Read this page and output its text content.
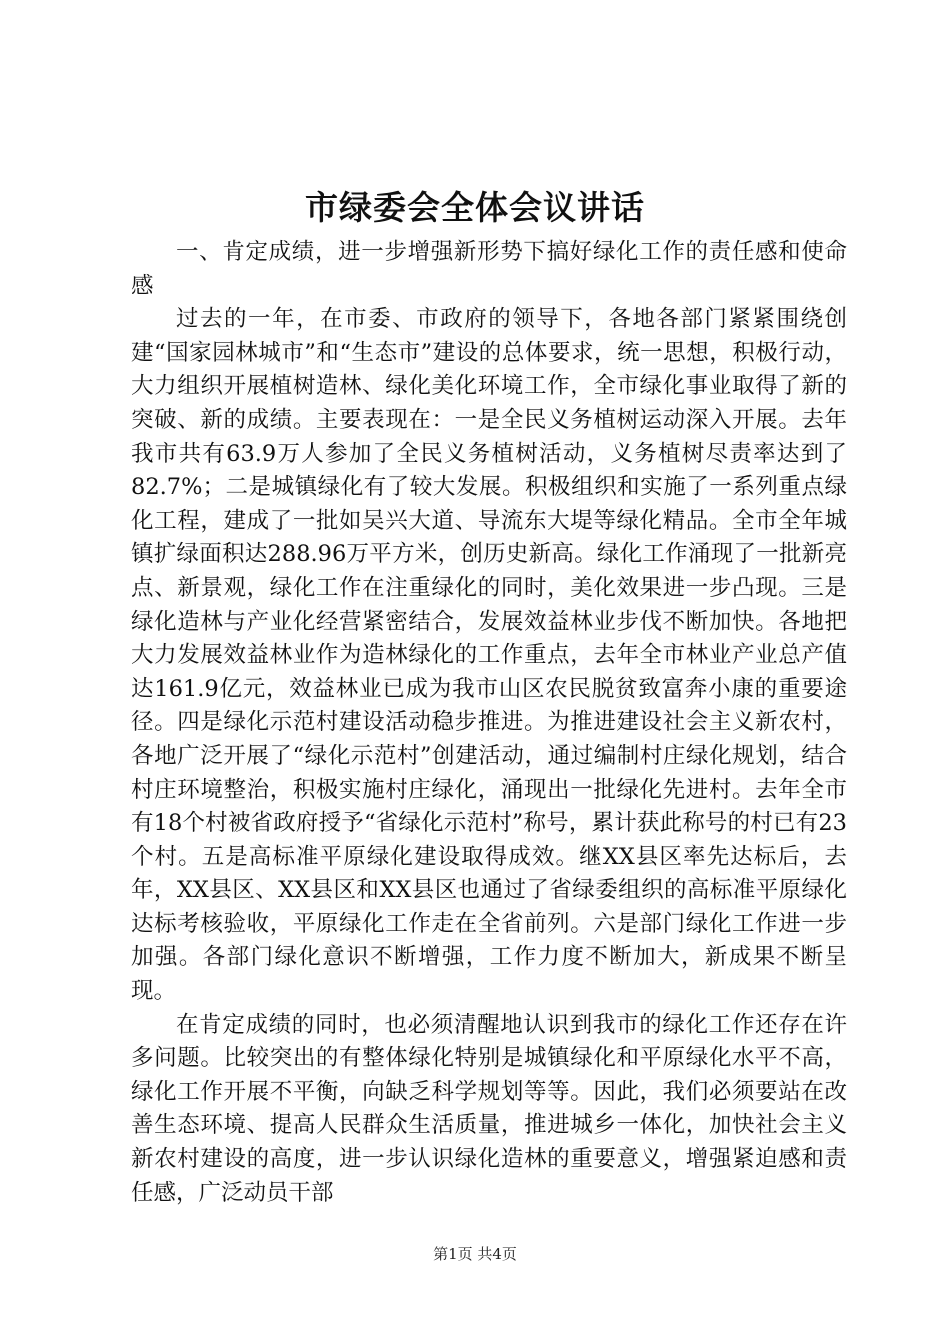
市绿委会全体会议讲话

一、肯定成绩，进一步增强新形势下搞好绿化工作的责任感和使命感

过去的一年，在市委、市政府的领导下，各地各部门紧紧围绕创建“国家园林城市”和“生态市”建设的总体要求，统一思想，积极行动，大力组织开展植树造林、绿化美化环境工作，全市绿化事业取得了新的突破、新的成绩。主要表现在：一是全民义务植树运动深入开展。去年我市共有63.9万人参加了全民义务植树活动，义务植树尽责率达到了82.7%；二是城镇绿化有了较大发展。积极组织和实施了一系列重点绿化工程，建成了一批如吴兴大道、导流东大堤等绿化精品。全市全年城镇扩绿面积达288.96万平方米，创历史新高。绿化工作涌现了一批新亮点、新景观，绿化工作在注重绿化的同时，美化效果进一步凸现。三是绿化造林与产业化经营紧密结合，发展效益林业步伐不断加快。各地把大力发展效益林业作为造林绿化的工作重点，去年全市林业产业总产值达161.9亿元，效益林业已成为我市山区农民脱贫致富奔小康的重要途径。四是绿化示范村建设活动稳步推进。为推进建设社会主义新农村，各地广泛开展了“绿化示范村”创建活动，通过编制村庄绿化规划，结合村庄环境整治，积极实施村庄绿化，涌现出一批绿化先进村。去年全市有18个村被省政府授予“省绿化示范村”称号，累计获此称号的村已有23个村。五是高标准平原绿化建设取得成效。继XX县区率先达标后，去年，XX县区、XX县区和XX县区也通过了省绿委组织的高标准平原绿化达标考核验收，平原绿化工作走在全省前列。六是部门绿化工作进一步加强。各部门绿化意识不断增强，工作力度不断加大，新成果不断呈现。

在肯定成绩的同时，也必须清醒地认识到我市的绿化工作还存在许多问题。比较突出的有整体绿化特别是城镇绿化和平原绿化水平不高，绿化工作开展不平衡，向缺乏科学规划等等。因此，我们必须要站在改善生态环境、提高人民群众生活质量，推进城乡一体化，加快社会主义新农村建设的高度，进一步认识绿化造林的重要意义，增强紧迫感和责任感，广泛动员干部

第1页 共4页
